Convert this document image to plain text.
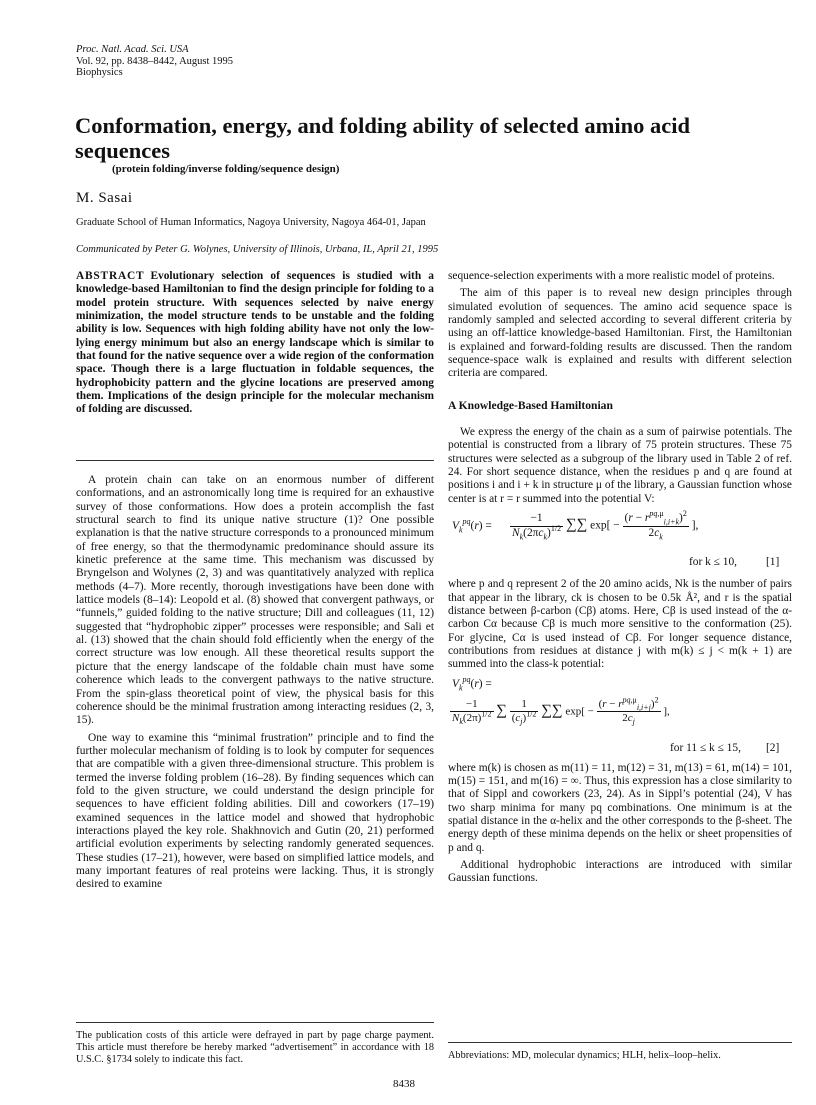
Proc. Natl. Acad. Sci. USA
Vol. 92, pp. 8438–8442, August 1995
Biophysics
Conformation, energy, and folding ability of selected amino acid sequences
(protein folding/inverse folding/sequence design)
M. Sasai
Graduate School of Human Informatics, Nagoya University, Nagoya 464-01, Japan
Communicated by Peter G. Wolynes, University of Illinois, Urbana, IL, April 21, 1995
ABSTRACT Evolutionary selection of sequences is studied with a knowledge-based Hamiltonian to find the design principle for folding to a model protein structure. With sequences selected by naive energy minimization, the model structure tends to be unstable and the folding ability is low. Sequences with high folding ability have not only the low-lying energy minimum but also an energy landscape which is similar to that found for the native sequence over a wide region of the conformation space. Though there is a large fluctuation in foldable sequences, the hydrophobicity pattern and the glycine locations are preserved among them. Implications of the design principle for the molecular mechanism of folding are discussed.

A protein chain can take on an enormous number of different conformations, and an astronomically long time is required for an exhaustive survey of those conformations. How does a protein accomplish the fast structural search to find its unique native structure (1)? One possible explanation is that the native structure corresponds to a pronounced minimum of free energy, so that the thermodynamic predominance should assure its kinetic preference at the same time. This mechanism was discussed by Bryngelson and Wolynes (2, 3) and was quantitatively analyzed with replica methods (4–7). More recently, thorough investigations have been done with lattice models (8–14): Leopold et al. (8) showed that convergent pathways, or “funnels,” guided folding to the native structure; Dill and colleagues (11, 12) suggested that “hydrophobic zipper” processes were responsible; and Sali et al. (13) showed that the chain should fold efficiently when the energy of the correct structure was low enough. All these theoretical results support the picture that the energy landscape of the foldable chain must have some coherence which leads to the convergent pathways to the native structure. From the spin-glass theoretical point of view, the physical basis for this coherence should be the minimal frustration among interacting residues (2, 3, 15).

One way to examine this “minimal frustration” principle and to find the further molecular mechanism of folding is to look by computer for sequences that are compatible with a given three-dimensional structure. This problem is termed the inverse folding problem (16–28). By finding sequences which can fold to the given structure, we could understand the design principle for sequences to have efficient folding abilities. Dill and coworkers (17–19) examined sequences in the lattice model and showed that hydrophobic interactions played the key role. Shakhnovich and Gutin (20, 21) performed artificial evolution experiments by selecting randomly generated sequences. These studies (17–21), however, were based on simplified lattice models, and many important features of real proteins were lacking. Thus, it is strongly desired to examine

The publication costs of this article were defrayed in part by page charge payment. This article must therefore be hereby marked “advertisement” in accordance with 18 U.S.C. §1734 solely to indicate this fact.

sequence-selection experiments with a more realistic model of proteins.

The aim of this paper is to reveal new design principles through simulated evolution of sequences. The amino acid sequence space is randomly sampled and selected according to several different criteria by using an off-lattice knowledge-based Hamiltonian. First, the Hamiltonian is explained and forward-folding results are discussed. Then the random sequence-space walk is explained and results with different selection criteria are compared.

A Knowledge-Based Hamiltonian

We express the energy of the chain as a sum of pairwise potentials. The potential is constructed from a library of 75 protein structures. These 75 structures were selected as a subgroup of the library used in Table 2 of ref. 24. For short sequence distance, when the residues p and q are found at positions i and i + k in structure μ of the library, a Gaussian function whose center is at r = r summed into the potential V:

$V_k^{pq}(r) = \frac{-1}{N_k(2\pi c_k)^{1/2}}$ ∑∑ $\exp[ - \frac{(r - r^{pq,\mu}_{i,i+k})^2}{2c_k}$ ],
for k ≤ 10,	[1]

where p and q represent 2 of the 20 amino acids, Nk is the number of pairs that appear in the library, ck is chosen to be 0.5k Å², and r is the spatial distance between β-carbon (Cβ) atoms. Here, Cβ is used instead of the α-carbon Cα because Cβ is much more sensitive to the conformation (25). For glycine, Cα is used instead of Cβ. For longer sequence distance, contributions from residues at distance j with m(k) ≤ j < m(k + 1) are summed into the class-k potential:

$V_k^{pq}(r)$ =
$\frac{-1}{N_k(2\pi)^{1/2}}$ ∑ $\frac{1}{(c_j)^{1/2}}$ ∑∑ $\exp[ - \frac{(r - r^{pq,\mu}_{i,i+j})^2}{2c_j}$ ],
for 11 ≤ k ≤ 15, [2]

where m(k) is chosen as m(11) = 11, m(12) = 31, m(13) = 61, m(14) = 101, m(15) = 151, and m(16) = ∞. Thus, this expression has a close similarity to that of Sippl and coworkers (23, 24). As in Sippl’s potential (24), V has two sharp minima for many pq combinations. One minimum is at the spatial distance in the α-helix and the other corresponds to the β-sheet. The energy depth of these minima depends on the helix or sheet propensities of p and q.

Additional hydrophobic interactions are introduced with similar Gaussian functions.

Abbreviations: MD, molecular dynamics; HLH, helix–loop–helix.
8438
